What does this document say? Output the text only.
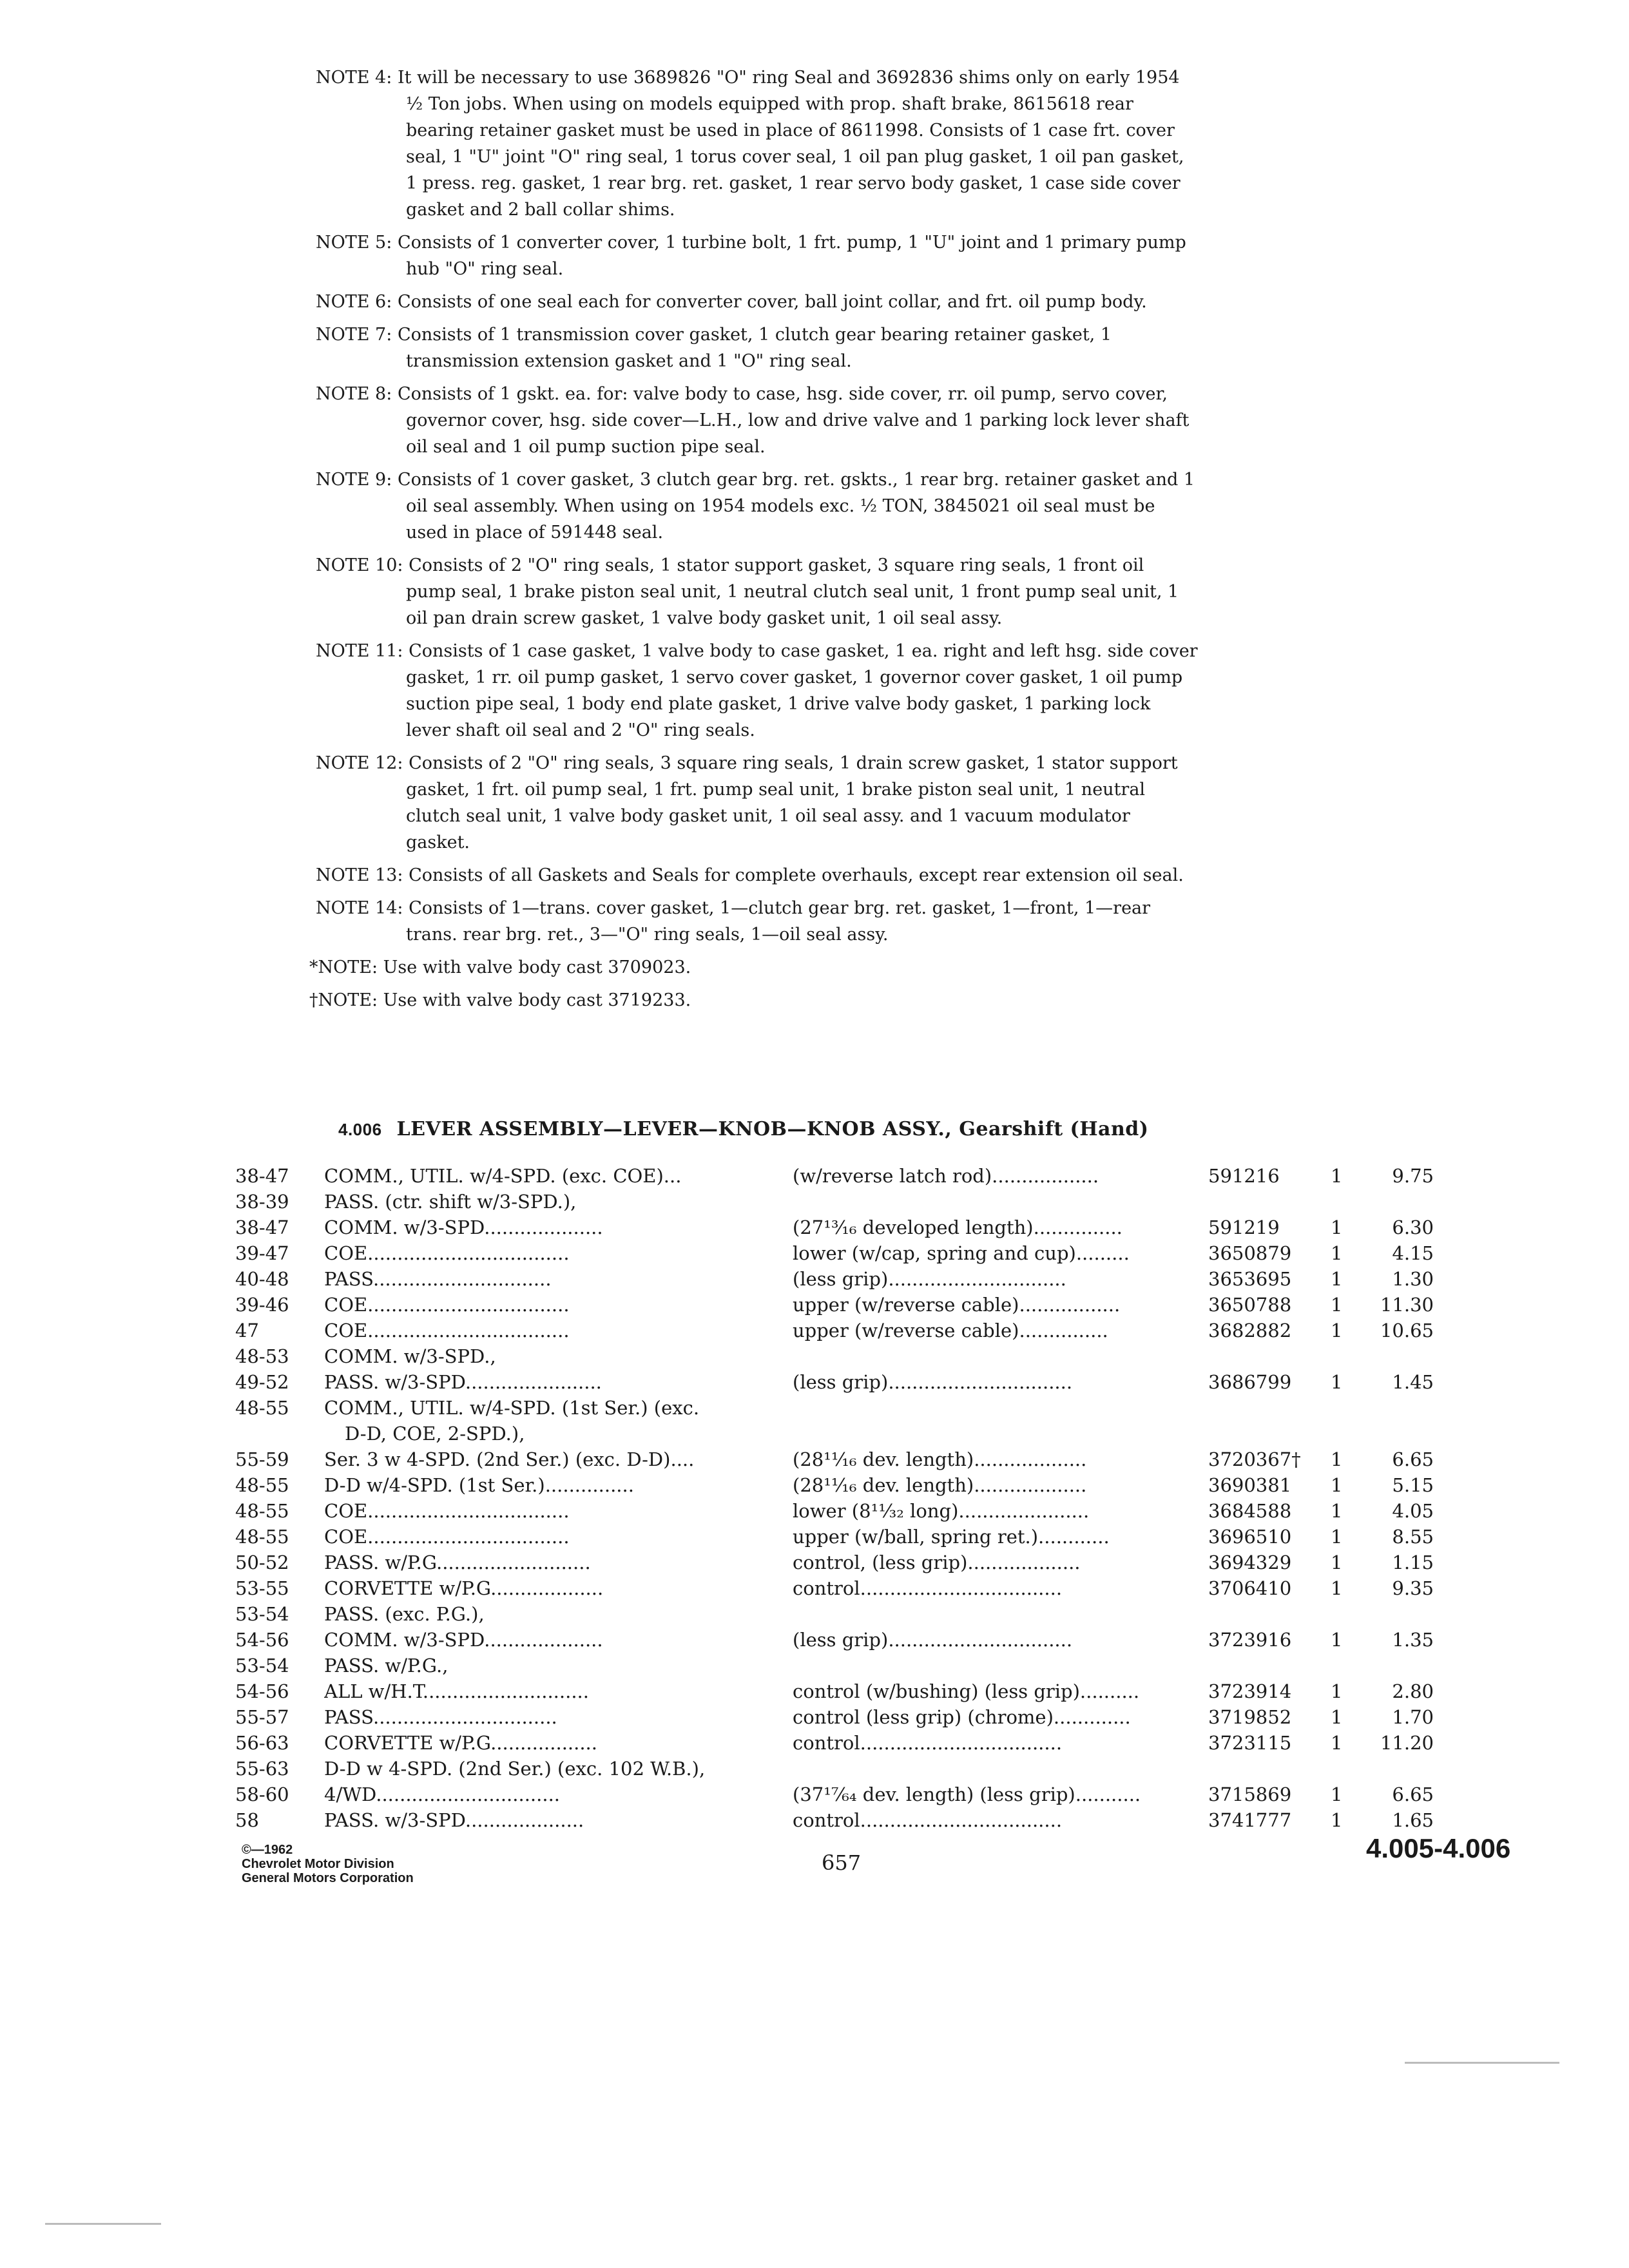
NOTE 4: It will be necessary to use 3689826 "O" ring Seal and 3692836 shims only on early 1954 ½ Ton jobs. When using on models equipped with prop. shaft brake, 8615618 rear bearing retainer gasket must be used in place of 8611998. Consists of 1 case frt. cover seal, 1 "U" joint "O" ring seal, 1 torus cover seal, 1 oil pan plug gasket, 1 oil pan gasket, 1 press. reg. gasket, 1 rear brg. ret. gasket, 1 rear servo body gasket, 1 case side cover gasket and 2 ball collar shims.

NOTE 5: Consists of 1 converter cover, 1 turbine bolt, 1 frt. pump, 1 "U" joint and 1 primary pump hub "O" ring seal.

NOTE 6: Consists of one seal each for converter cover, ball joint collar, and frt. oil pump body.

NOTE 7: Consists of 1 transmission cover gasket, 1 clutch gear bearing retainer gasket, 1 transmission extension gasket and 1 "O" ring seal.

NOTE 8: Consists of 1 gskt. ea. for: valve body to case, hsg. side cover, rr. oil pump, servo cover, governor cover, hsg. side cover—L.H., low and drive valve and 1 parking lock lever shaft oil seal and 1 oil pump suction pipe seal.

NOTE 9: Consists of 1 cover gasket, 3 clutch gear brg. ret. gskts., 1 rear brg. retainer gasket and 1 oil seal assembly. When using on 1954 models exc. ½ TON, 3845021 oil seal must be used in place of 591448 seal.

NOTE 10: Consists of 2 "O" ring seals, 1 stator support gasket, 3 square ring seals, 1 front oil pump seal, 1 brake piston seal unit, 1 neutral clutch seal unit, 1 front pump seal unit, 1 oil pan drain screw gasket, 1 valve body gasket unit, 1 oil seal assy.

NOTE 11: Consists of 1 case gasket, 1 valve body to case gasket, 1 ea. right and left hsg. side cover gasket, 1 rr. oil pump gasket, 1 servo cover gasket, 1 governor cover gasket, 1 oil pump suction pipe seal, 1 body end plate gasket, 1 drive valve body gasket, 1 parking lock lever shaft oil seal and 2 "O" ring seals.

NOTE 12: Consists of 2 "O" ring seals, 3 square ring seals, 1 drain screw gasket, 1 stator support gasket, 1 frt. oil pump seal, 1 frt. pump seal unit, 1 brake piston seal unit, 1 neutral clutch seal unit, 1 valve body gasket unit, 1 oil seal assy. and 1 vacuum modulator gasket.

NOTE 13: Consists of all Gaskets and Seals for complete overhauls, except rear extension oil seal.

NOTE 14: Consists of 1—trans. cover gasket, 1—clutch gear brg. ret. gasket, 1—front, 1—rear trans. rear brg. ret., 3—"O" ring seals, 1—oil seal assy.

*NOTE: Use with valve body cast 3709023.

†NOTE: Use with valve body cast 3719233.

4.006 LEVER ASSEMBLY—LEVER—KNOB—KNOB ASSY., Gearshift (Hand)
38-47	COMM., UTIL. w/4-SPD. (exc. COE)...	(w/reverse latch rod)..................	591216	1	9.75
38-39	PASS. (ctr. shift w/3-SPD.),
38-47	COMM. w/3-SPD....................	(27¹³⁄₁₆ developed length)...............	591219	1	6.30
39-47	COE..................................	lower (w/cap, spring and cup).........	3650879	1	4.15
40-48	PASS..............................	(less grip)..............................	3653695	1	1.30
39-46	COE..................................	upper (w/reverse cable).................	3650788	1	11.30
47	COE..................................	upper (w/reverse cable)...............	3682882	1	10.65
48-53	COMM. w/3-SPD.,
49-52	PASS. w/3-SPD.......................	(less grip)...............................	3686799	1	1.45
48-55	COMM., UTIL. w/4-SPD. (1st Ser.) (exc.
D-D, COE, 2-SPD.),
55-59	Ser. 3 w 4-SPD. (2nd Ser.) (exc. D-D)....	(28¹¹⁄₁₆ dev. length)...................	3720367†	1	6.65
48-55	D-D w/4-SPD. (1st Ser.)...............	(28¹¹⁄₁₆ dev. length)...................	3690381	1	5.15
48-55	COE..................................	lower (8¹¹⁄₃₂ long)......................	3684588	1	4.05
48-55	COE..................................	upper (w/ball, spring ret.)............	3696510	1	8.55
50-52	PASS. w/P.G..........................	control, (less grip)...................	3694329	1	1.15
53-55	CORVETTE w/P.G...................	control..................................	3706410	1	9.35
53-54	PASS. (exc. P.G.),
54-56	COMM. w/3-SPD....................	(less grip)...............................	3723916	1	1.35
53-54	PASS. w/P.G.,
54-56	ALL w/H.T............................	control (w/bushing) (less grip)..........	3723914	1	2.80
55-57	PASS...............................	control (less grip) (chrome).............	3719852	1	1.70
56-63	CORVETTE w/P.G..................	control..................................	3723115	1	11.20
55-63	D-D w 4-SPD. (2nd Ser.) (exc. 102 W.B.),
58-60	4/WD...............................	(37¹⁷⁄₆₄ dev. length) (less grip)...........	3715869	1	6.65
58	PASS. w/3-SPD....................	control..................................	3741777	1	1.65
©—1962
Chevrolet Motor Division
General Motors Corporation
657	4.005-4.006
